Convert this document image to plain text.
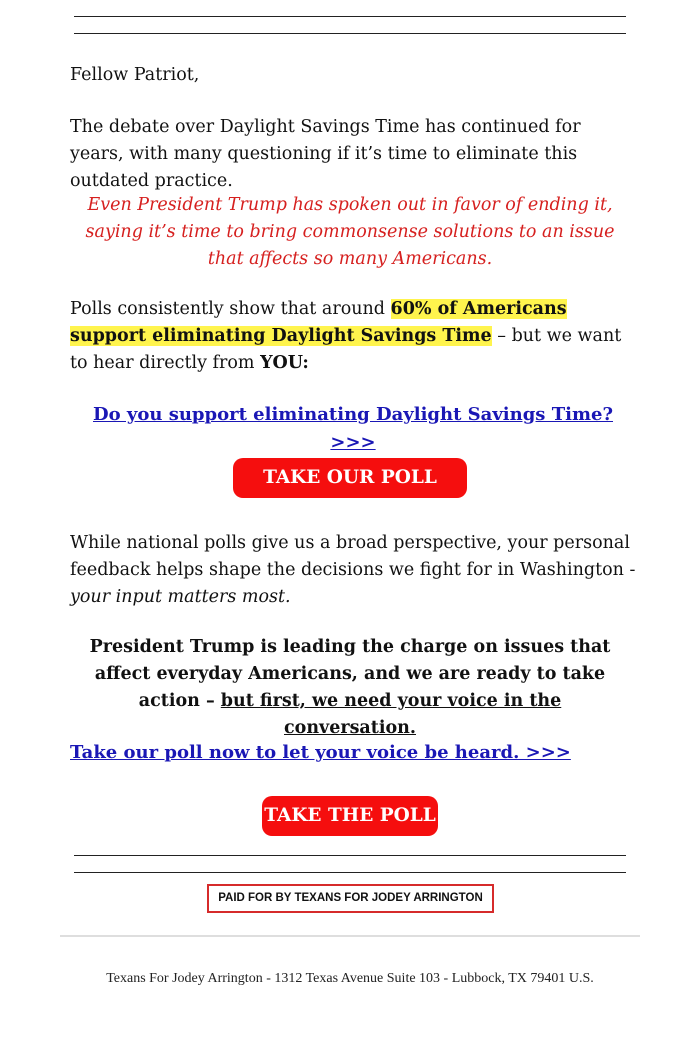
Fellow Patriot,

The debate over Daylight Savings Time has continued for years, with many questioning if it’s time to eliminate this outdated practice.

Even President Trump has spoken out in favor of ending it, saying it’s time to bring commonsense solutions to an issue that affects so many Americans.

Polls consistently show that around 60% of Americans support eliminating Daylight Savings Time – but we want to hear directly from YOU:

Do you support eliminating Daylight Savings Time? >>>

TAKE OUR POLL NOW

While national polls give us a broad perspective, your personal feedback helps shape the decisions we fight for in Washington - your input matters most.

President Trump is leading the charge on issues that affect everyday Americans, and we are ready to take action – but first, we need your voice in the conversation.

Take our poll now to let your voice be heard. >>>

TAKE THE POLL
PAID FOR BY TEXANS FOR JODEY ARRINGTON
Texans For Jodey Arrington - 1312 Texas Avenue Suite 103 - Lubbock, TX 79401 U.S.
